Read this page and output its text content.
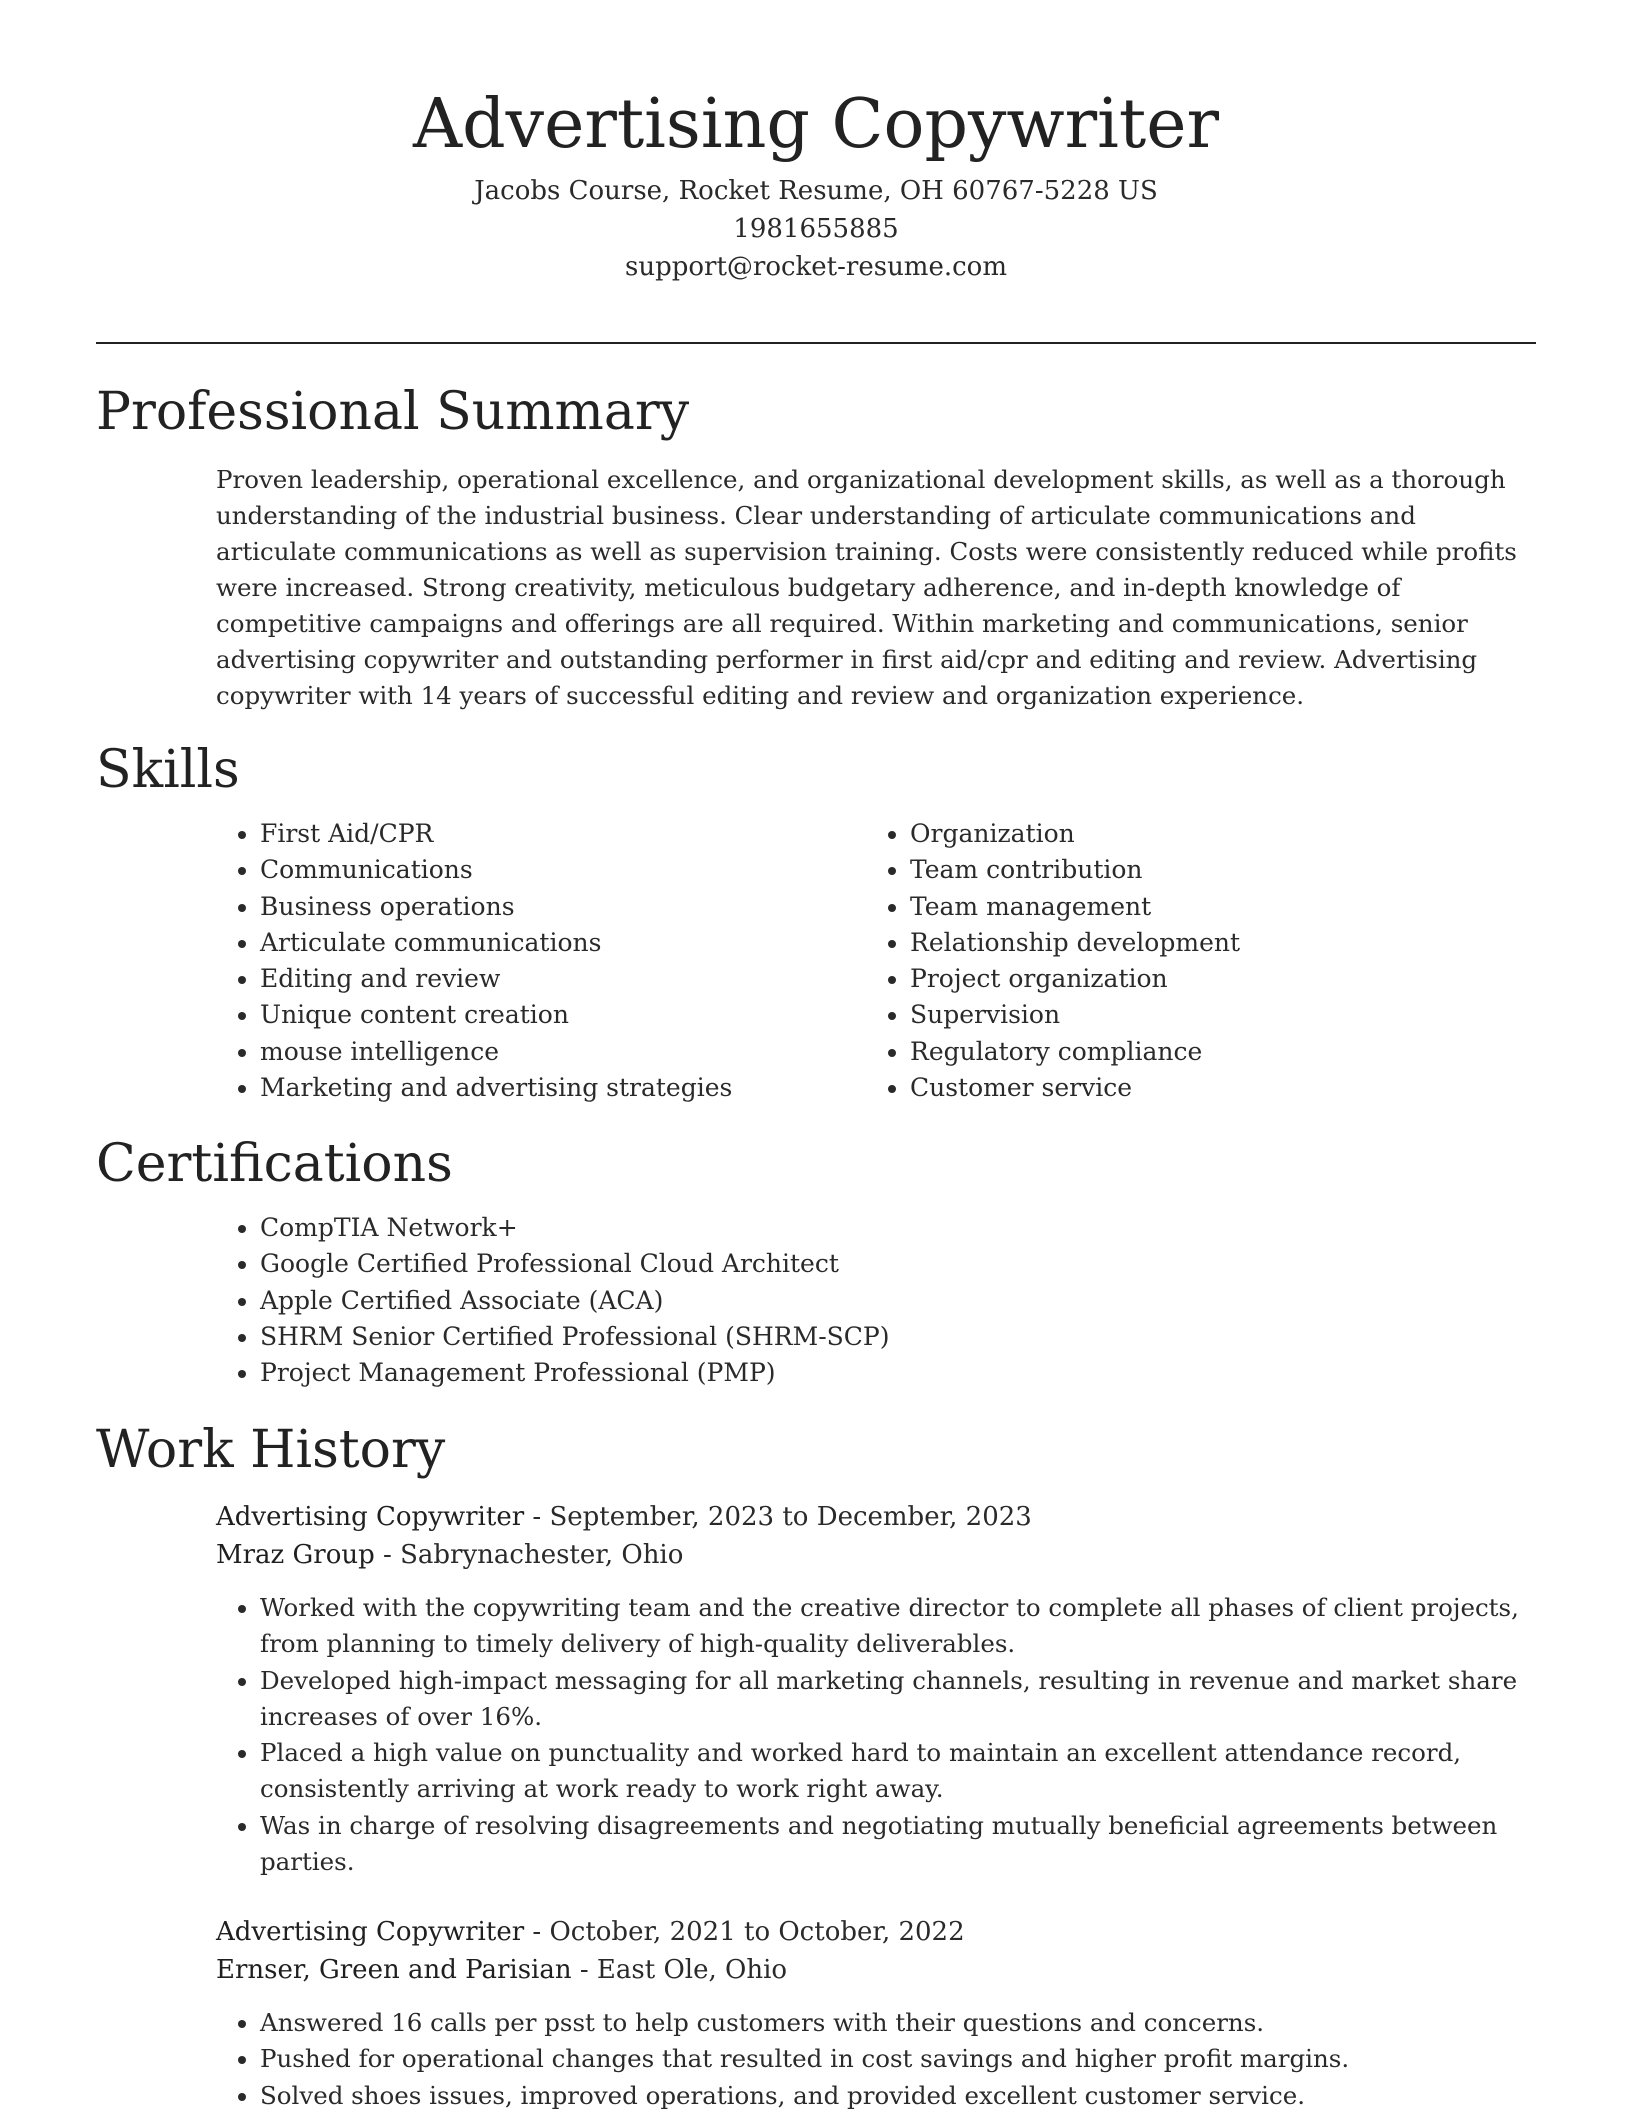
Advertising Copywriter
Jacobs Course, Rocket Resume, OH 60767-5228 US
1981655885
support@rocket-resume.com
Professional Summary
Proven leadership, operational excellence, and organizational development skills, as well as a thorough understanding of the industrial business. Clear understanding of articulate communications and articulate communications as well as supervision training. Costs were consistently reduced while profits were increased. Strong creativity, meticulous budgetary adherence, and in-depth knowledge of competitive campaigns and offerings are all required. Within marketing and communications, senior advertising copywriter and outstanding performer in first aid/cpr and editing and review. Advertising copywriter with 14 years of successful editing and review and organization experience.
Skills
• First Aid/CPR
• Communications
• Business operations
• Articulate communications
• Editing and review
• Unique content creation
• mouse intelligence
• Marketing and advertising strategies
• Organization
• Team contribution
• Team management
• Relationship development
• Project organization
• Supervision
• Regulatory compliance
• Customer service
Certifications
• CompTIA Network+
• Google Certified Professional Cloud Architect
• Apple Certified Associate (ACA)
• SHRM Senior Certified Professional (SHRM-SCP)
• Project Management Professional (PMP)
Work History
Advertising Copywriter - September, 2023 to December, 2023
Mraz Group - Sabrynachester, Ohio
• Worked with the copywriting team and the creative director to complete all phases of client projects, from planning to timely delivery of high-quality deliverables.
• Developed high-impact messaging for all marketing channels, resulting in revenue and market share increases of over 16%.
• Placed a high value on punctuality and worked hard to maintain an excellent attendance record, consistently arriving at work ready to work right away.
• Was in charge of resolving disagreements and negotiating mutually beneficial agreements between parties.
Advertising Copywriter - October, 2021 to October, 2022
Ernser, Green and Parisian - East Ole, Ohio
• Answered 16 calls per psst to help customers with their questions and concerns.
• Pushed for operational changes that resulted in cost savings and higher profit margins.
• Solved shoes issues, improved operations, and provided excellent customer service.
